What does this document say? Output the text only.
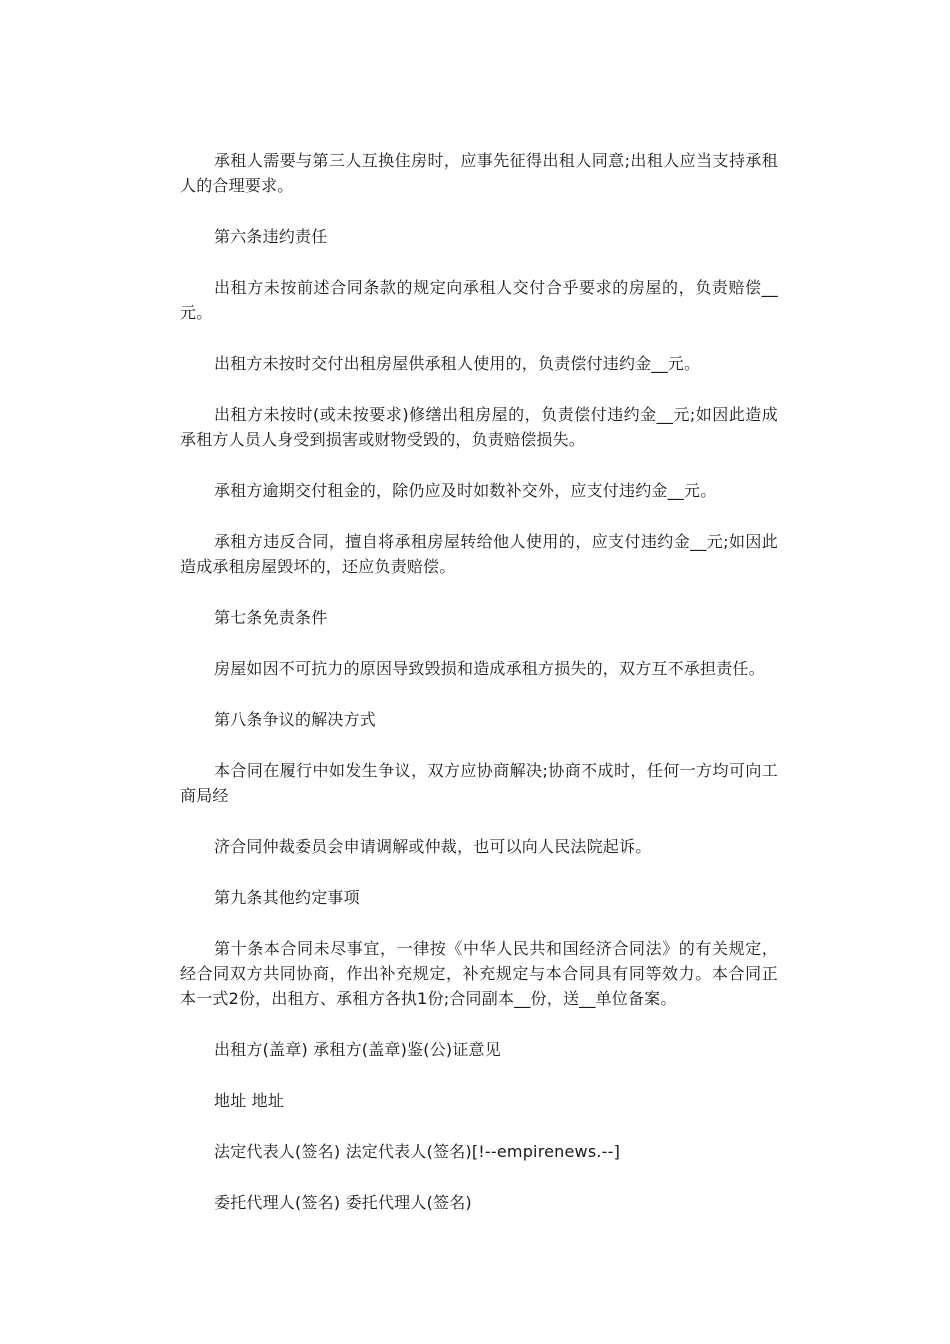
承租人需要与第三人互换住房时，应事先征得出租人同意;出租人应当支持承租人的合理要求。

第六条违约责任

出租方未按前述合同条款的规定向承租人交付合乎要求的房屋的，负责赔偿__元。

出租方未按时交付出租房屋供承租人使用的，负责偿付违约金__元。

出租方未按时(或未按要求)修缮出租房屋的，负责偿付违约金__元;如因此造成承租方人员人身受到损害或财物受毁的，负责赔偿损失。

承租方逾期交付租金的，除仍应及时如数补交外，应支付违约金__元。

承租方违反合同，擅自将承租房屋转给他人使用的，应支付违约金__元;如因此造成承租房屋毁坏的，还应负责赔偿。

第七条免责条件

房屋如因不可抗力的原因导致毁损和造成承租方损失的，双方互不承担责任。

第八条争议的解决方式

本合同在履行中如发生争议，双方应协商解决;协商不成时，任何一方均可向工商局经

济合同仲裁委员会申请调解或仲裁，也可以向人民法院起诉。

第九条其他约定事项

第十条本合同未尽事宜，一律按《中华人民共和国经济合同法》的有关规定，经合同双方共同协商，作出补充规定，补充规定与本合同具有同等效力。本合同正本一式2份，出租方、承租方各执1份;合同副本__份，送__单位备案。

出租方(盖章) 承租方(盖章)鉴(公)证意见

地址 地址

法定代表人(签名) 法定代表人(签名)[!--empirenews.--]

委托代理人(签名) 委托代理人(签名)
